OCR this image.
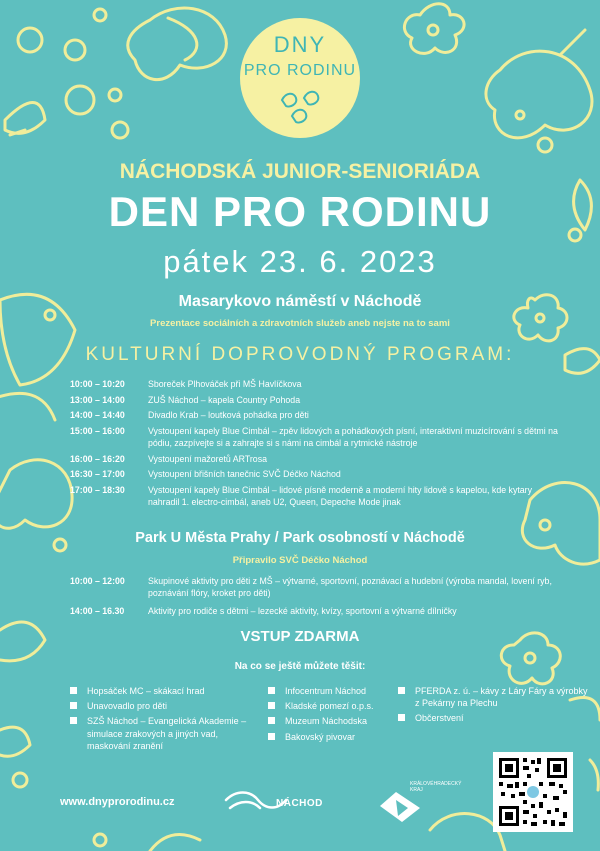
DNY
PRO RODINU
NÁCHODSKÁ JUNIOR-SENIORIÁDA
DEN PRO RODINU
pátek 23. 6. 2023
Masarykovo náměstí v Náchodě
Prezentace sociálních a zdravotních služeb aneb nejste na to sami
KULTURNÍ DOPROVODNÝ PROGRAM:
10:00 – 10:20	Sboreček Plhováček při MŠ Havlíčkova
13:00 – 14:00	ZUŠ Náchod – kapela Country Pohoda
14:00 – 14:40	Divadlo Krab – loutková pohádka pro děti
15:00 – 16:00	Vystoupení kapely Blue Cimbál – zpěv lidových a pohádkových písní, interaktivní muzicírování s dětmi na pódiu, zazpívejte si a zahrajte si s námi na cimbál a rytmické nástroje
16:00 – 16:20	Vystoupení mažoretů ARTrosa
16:30 – 17:00	Vystoupení břišních tanečnic SVČ Déčko Náchod
17:00 – 18:30	Vystoupení kapely Blue Cimbál – lidové písně moderně a moderní hity lidově s kapelou, kde kytary nahradil 1. electro-cimbál, aneb U2, Queen, Depeche Mode jinak
Park U Města Prahy / Park osobností v Náchodě
Připravilo SVČ Déčko Náchod
10:00 – 12:00	Skupinové aktivity pro děti z MŠ – výtvarné, sportovní, poznávací a hudební (výroba mandal, lovení ryb, poznávání flóry, kroket pro děti)
14:00 – 16.30	Aktivity pro rodiče s dětmi – lezecké aktivity, kvízy, sportovní a výtvarné dílničky
VSTUP ZDARMA
Na co se ještě můžete těšit:
Hopsáček MC – skákací hrad
Unavovadlo pro děti
SZŠ Náchod – Evangelická Akademie – simulace zrakových a jiných vad, maskování zranění
Infocentrum Náchod
Kladské pomezí o.p.s.
Muzeum Náchodska
Bakovský pivovar
PFERDA z. ú. – kávy z Láry Fáry a výrobky z Pekárny na Plechu
Občerstvení
www.dnyprorodinu.cz	NÁCHOD
KRÁLOVÉHRADECKÝ KRAJ
